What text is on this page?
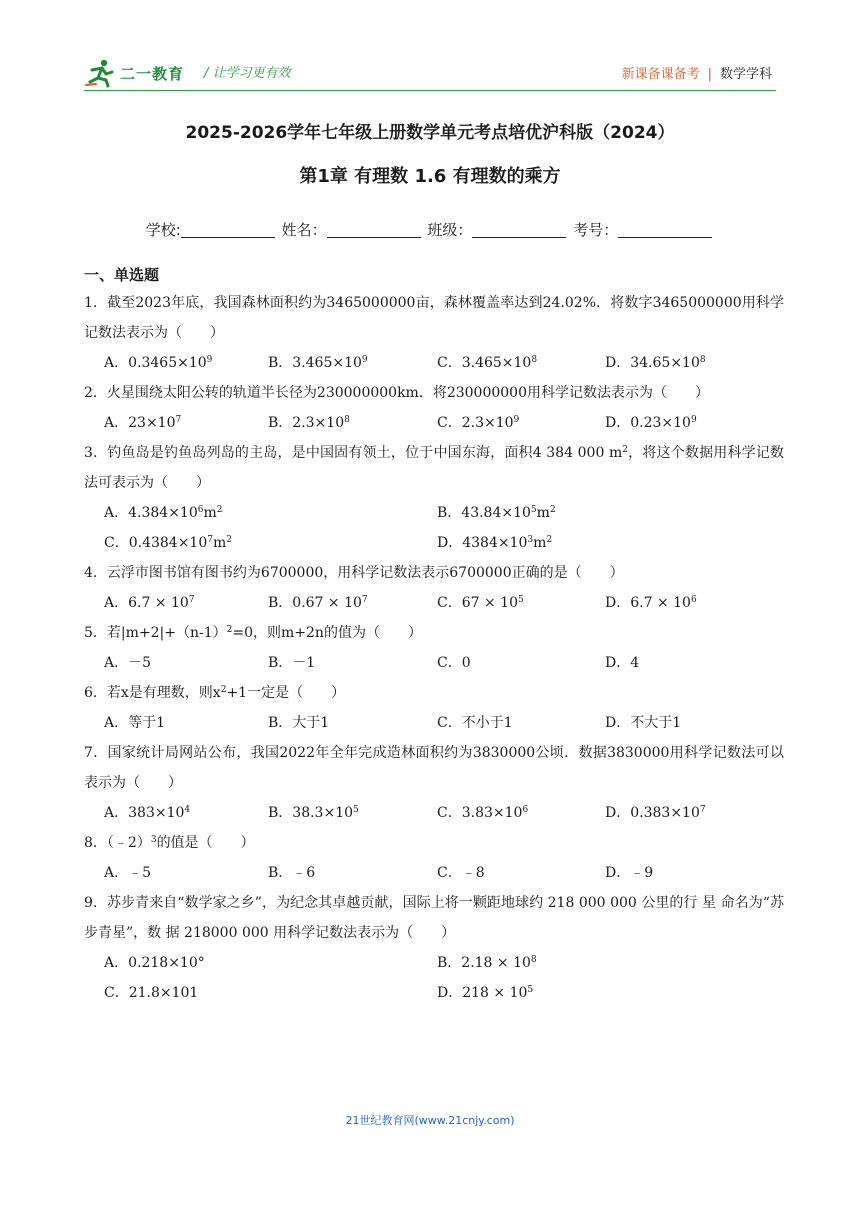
二一教育 / 让学习更有效	新课备课备考 | 数学学科
2025-2026学年七年级上册数学单元考点培优沪科版（2024）
第1章 有理数 1.6 有理数的乘方
学校:	姓名：	班级：	考号：
一、单选题
1．截至2023年底，我国森林面积约为3465000000亩，森林覆盖率达到24.02%．将数字3465000000用科学记数法表示为（　　）
A．$0.3465\times 10^9$	B．$3.465\times 10^9$	C．$3.465\times 10^8$	D．$34.65\times 10^8$
2．火星围绕太阳公转的轨道半长径为230000000km．将230000000用科学记数法表示为（　　）
A．$23\times 10^7$	B．$2.3\times 10^8$	C．$2.3\times 10^9$	D．$0.23\times 10^9$
3．钓鱼岛是钓鱼岛列岛的主岛，是中国固有领土，位于中国东海，面积4 384 000 $m^2$，将这个数据用科学记数法可表示为（　　）
A．$4.384\times 10^6m^2$	B．$43.84\times 10^5m^2$
C．$0.4384\times 10^7m^2$	D．$4384\times 10^3m^2$
4．云浮市图书馆有图书约为6700000，用科学记数法表示6700000正确的是（　　）
A．$6.7 \times 10^7$	B．$0.67 \times 10^7$	C．$67 \times 10^5$	D．$6.7 \times 10^6$
5．若$|m+2|+(n-1)^2=0$，则m+2n的值为（　　）
A．－5	B．－1	C．0	D．4
6．若x是有理数，则$x^2+1$一定是（　　）
A．等于1	B．大于1	C．不小于1	D．不大于1
7．国家统计局网站公布，我国2022年全年完成造林面积约为3830000公顷．数据3830000用科学记数法可以表示为（　　）
A．$383\times 10^4$	B．$38.3\times 10^5$	C．$3.83\times 10^6$	D．$0.383\times 10^7$
8．（﹣2）$^3$的值是（　　）
A．﹣5	B．﹣6	C．﹣8	D．﹣9
9．苏步青来自“数学家之乡”，为纪念其卓越贡献，国际上将一颗距地球约 218 000 000 公里的行 星 命名为“苏步青星”，数 据 218000 000 用科学记数法表示为（　　）
A．0.218×10°	B．$2.18 \times 10^8$
C．21.8×101	D．$218 \times 10^5$
21世纪教育网(www.21cnjy.com)
